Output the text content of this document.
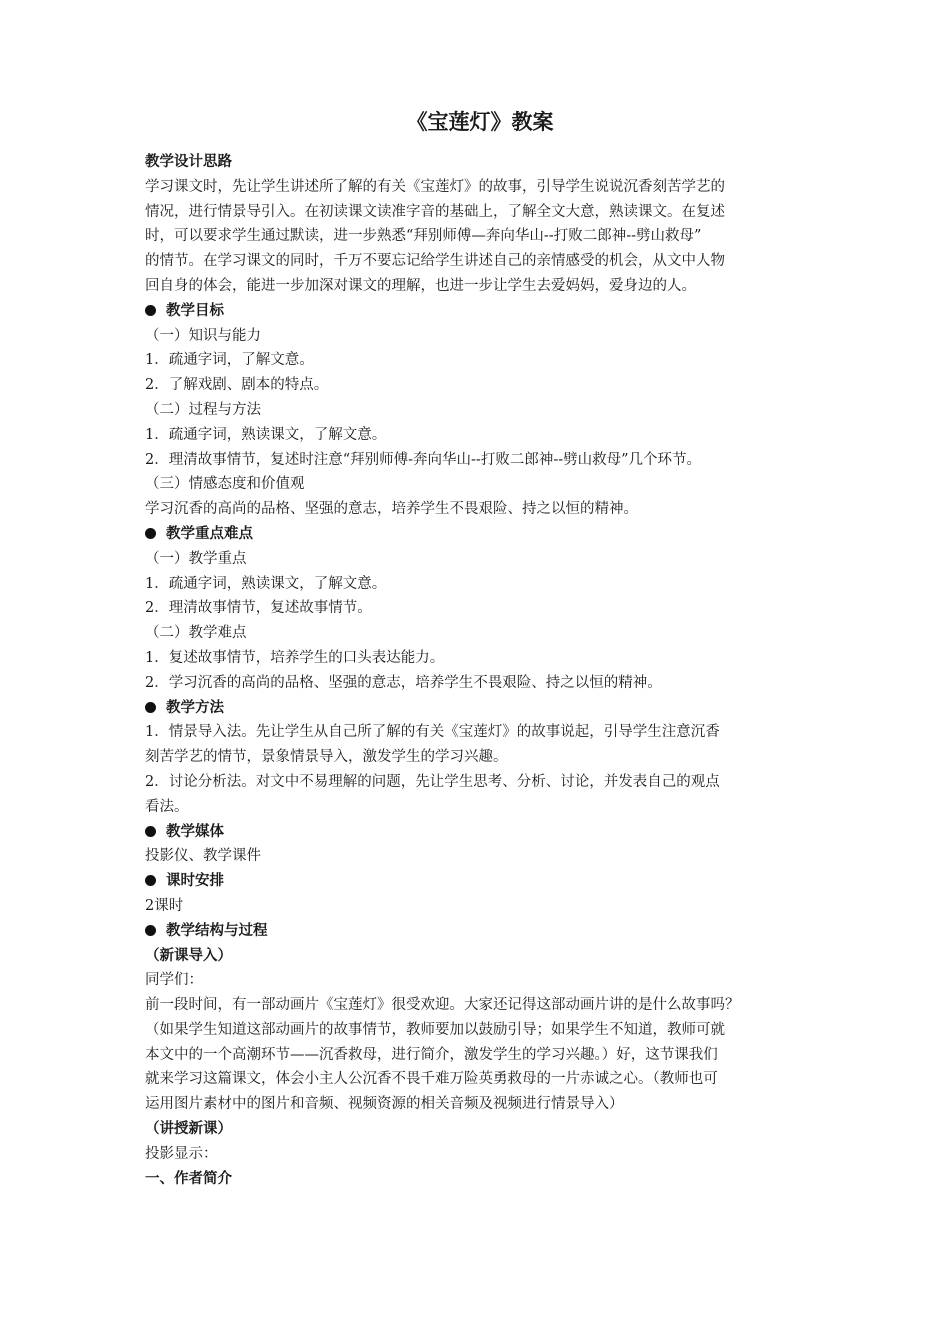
《宝莲灯》教案
教学设计思路
学习课文时，先让学生讲述所了解的有关《宝莲灯》的故事，引导学生说说沉香刻苦学艺的
情况，进行情景导引入。在初读课文读准字音的基础上，了解全文大意，熟读课文。在复述
时，可以要求学生通过默读，进一步熟悉“拜别师傅—奔向华山--打败二郎神--劈山救母”
的情节。在学习课文的同时，千万不要忘记给学生讲述自己的亲情感受的机会，从文中人物
回自身的体会，能进一步加深对课文的理解，也进一步让学生去爱妈妈，爱身边的人。
教学目标
（一）知识与能力
1．疏通字词，了解文意。
2．了解戏剧、剧本的特点。
（二）过程与方法
1．疏通字词，熟读课文，了解文意。
2．理清故事情节，复述时注意“拜别师傅-奔向华山--打败二郎神--劈山救母”几个环节。
（三）情感态度和价值观
学习沉香的高尚的品格、坚强的意志，培养学生不畏艰险、持之以恒的精神。
教学重点难点
（一）教学重点
1．疏通字词，熟读课文，了解文意。
2．理清故事情节，复述故事情节。
（二）教学难点
1．复述故事情节，培养学生的口头表达能力。
2．学习沉香的高尚的品格、坚强的意志，培养学生不畏艰险、持之以恒的精神。
教学方法
1．情景导入法。先让学生从自己所了解的有关《宝莲灯》的故事说起，引导学生注意沉香
刻苦学艺的情节，景象情景导入，激发学生的学习兴趣。
2．讨论分析法。对文中不易理解的问题，先让学生思考、分析、讨论，并发表自己的观点
看法。
教学媒体
投影仪、教学课件
课时安排
2课时
教学结构与过程
（新课导入）
同学们：
前一段时间，有一部动画片《宝莲灯》很受欢迎。大家还记得这部动画片讲的是什么故事吗？
（如果学生知道这部动画片的故事情节，教师要加以鼓励引导；如果学生不知道，教师可就
本文中的一个高潮环节——沉香救母，进行简介，激发学生的学习兴趣。）好，这节课我们
就来学习这篇课文，体会小主人公沉香不畏千难万险英勇救母的一片赤诚之心。（教师也可
运用图片素材中的图片和音频、视频资源的相关音频及视频进行情景导入）
（讲授新课）
投影显示：
一、作者简介
